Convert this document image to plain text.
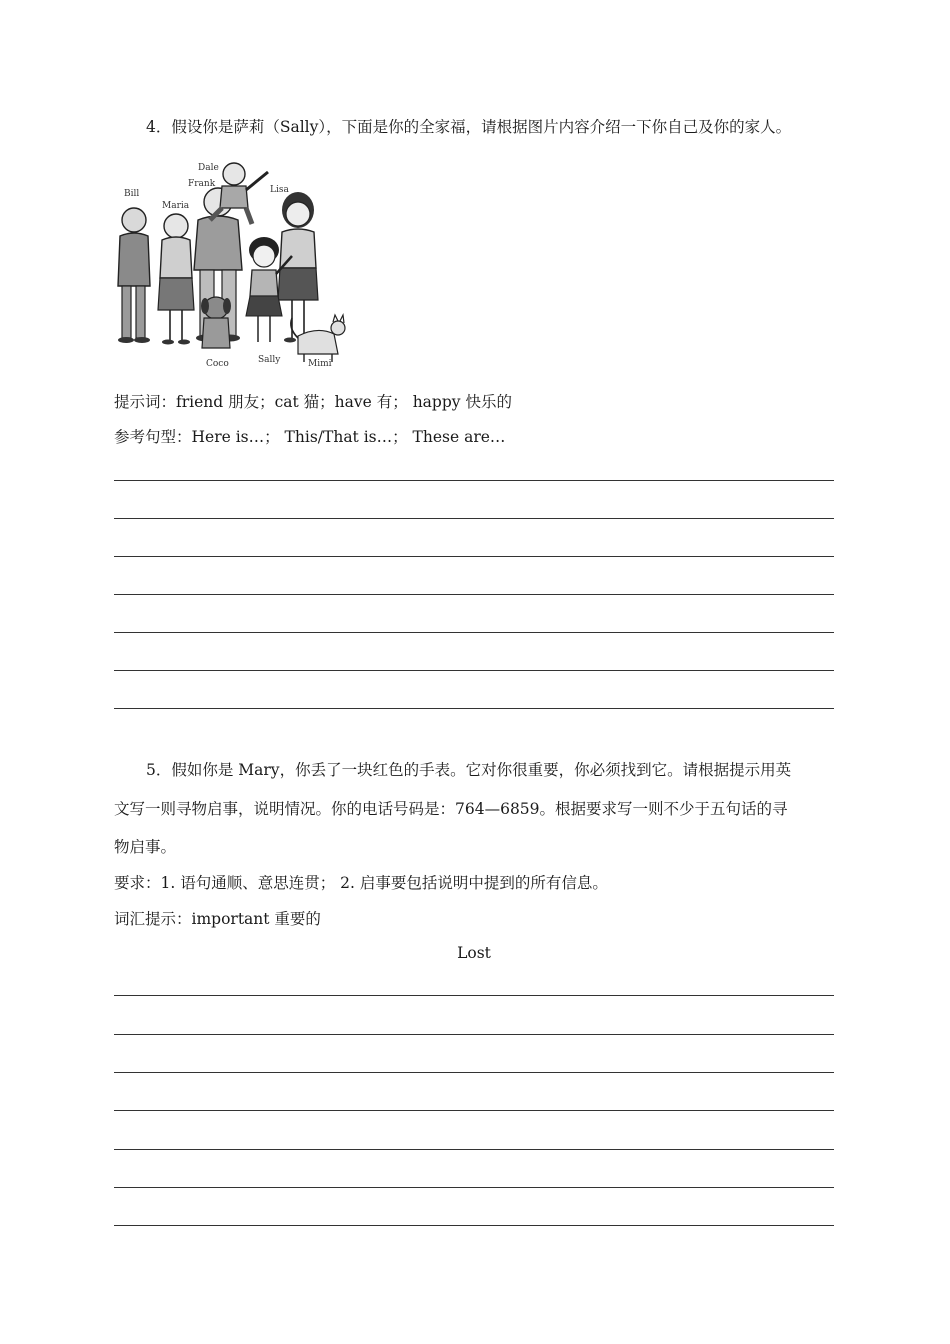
4．假设你是萨莉（Sally），下面是你的全家福，请根据图片内容介绍一下你自己及你的家人。
Dale
Frank
Bill
Maria
Lisa
Coco	Sally	Mimi
提示词：friend 朋友；cat 猫；have 有； happy 快乐的
参考句型：Here is…； This/That is…； These are…
5．假如你是 Mary，你丢了一块红色的手表。它对你很重要，你必须找到它。请根据提示用英
文写一则寻物启事，说明情况。你的电话号码是：764—6859。根据要求写一则不少于五句话的寻
物启事。
要求：1. 语句通顺、意思连贯； 2. 启事要包括说明中提到的所有信息。
词汇提示：important 重要的
Lost
